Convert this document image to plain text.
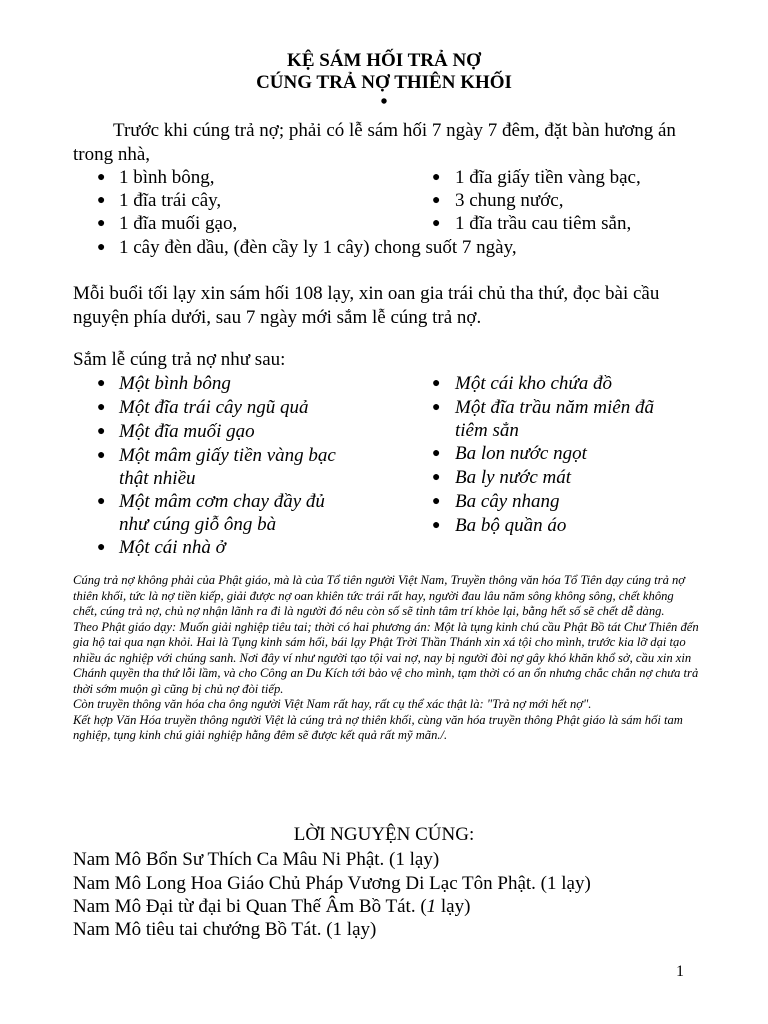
KỆ SÁM HỐI TRẢ NỢ
CÚNG TRẢ NỢ THIÊN KHỐI
•
Trước khi cúng trả nợ; phải có lễ sám hối 7 ngày 7 đêm, đặt bàn hương án trong nhà,
● 1 bình bông,	● 1 đĩa giấy tiền vàng bạc,
● 1 đĩa trái cây,	● 3 chung nước,
● 1 đĩa muối gạo,	● 1 đĩa trầu cau tiêm sẳn,
● 1 cây đèn dầu, (đèn cầy ly 1 cây) chong suốt 7 ngày,
Mỗi buổi tối lạy xin sám hối 108 lạy, xin oan gia trái chủ tha thứ, đọc bài cầu nguyện phía dưới, sau 7 ngày mới sắm lễ cúng trả nợ.
Sắm lễ cúng trả nợ như sau:
● Một bình bông
● Một đĩa trái cây ngũ quả
● Một đĩa muối gạo
● Một mâm giấy tiền vàng bạc
thật nhiều
● Một mâm cơm chay đầy đủ
như cúng giỗ ông bà
● Một cái nhà ở
● Một cái kho chứa đồ
● Một đĩa trầu năm miên đã
tiêm sẳn
● Ba lon nước ngọt
● Ba ly nước mát
● Ba cây nhang
● Ba bộ quần áo

Cúng trả nợ không phải của Phật giáo, mà là của Tổ tiên người Việt Nam, Truyền thông văn hóa Tổ Tiên dạy cúng trả nợ thiên khối, tức là nợ tiền kiếp, giải được nợ oan khiên tức trái rất hay, người đau lâu năm sông không sông, chết không chết, cúng trả nợ, chủ nợ nhận lãnh ra đi là người đó nêu còn số sẽ tỉnh tâm trí khỏe lại, bằng hết số sẽ chết dễ dàng.

Theo Phật giáo dạy: Muốn giải nghiệp tiêu tai; thời có hai phương án: Một là tụng kinh chú cầu Phật Bồ tát Chư Thiên đến gia hộ tai qua nạn khỏi. Hai là Tụng kinh sám hối, bái lạy Phật Trời Thần Thánh xin xá tội cho mình, trước kia lỡ dại tạo nhiều ác nghiệp với chúng sanh. Nơi đây ví như người tạo tội vai nợ, nay bị người đòi nợ gây khó khăn khổ sở, cầu xin xin Chánh quyền tha thứ lỗi lầm, và cho Công an Du Kích tới bảo vệ cho mình, tạm thời có an ổn nhưng chắc chắn nợ chưa trả thời sớm muộn gì cũng bị chủ nợ đòi tiếp.

Còn truyền thông văn hóa cha ông người Việt Nam rất hay, rất cụ thể xác thật là: "Trả nợ mới hết nợ".

Kết hợp Văn Hóa truyền thông người Việt là cúng trả nợ thiên khối, cùng văn hóa truyền thông Phật giáo là sám hối tam nghiệp, tụng kinh chú giải nghiệp hằng đêm sẽ được kết quả rất mỹ mãn./.

LỜI NGUYỆN CÚNG:
Nam Mô Bổn Sư Thích Ca Mâu Ni Phật. (1 lạy)
Nam Mô Long Hoa Giáo Chủ Pháp Vương Di Lạc Tôn Phật. (1 lạy)
Nam Mô Đại từ đại bi Quan Thế Âm Bồ Tát. (1 lạy)
Nam Mô tiêu tai chướng Bồ Tát. (1 lạy)
1
